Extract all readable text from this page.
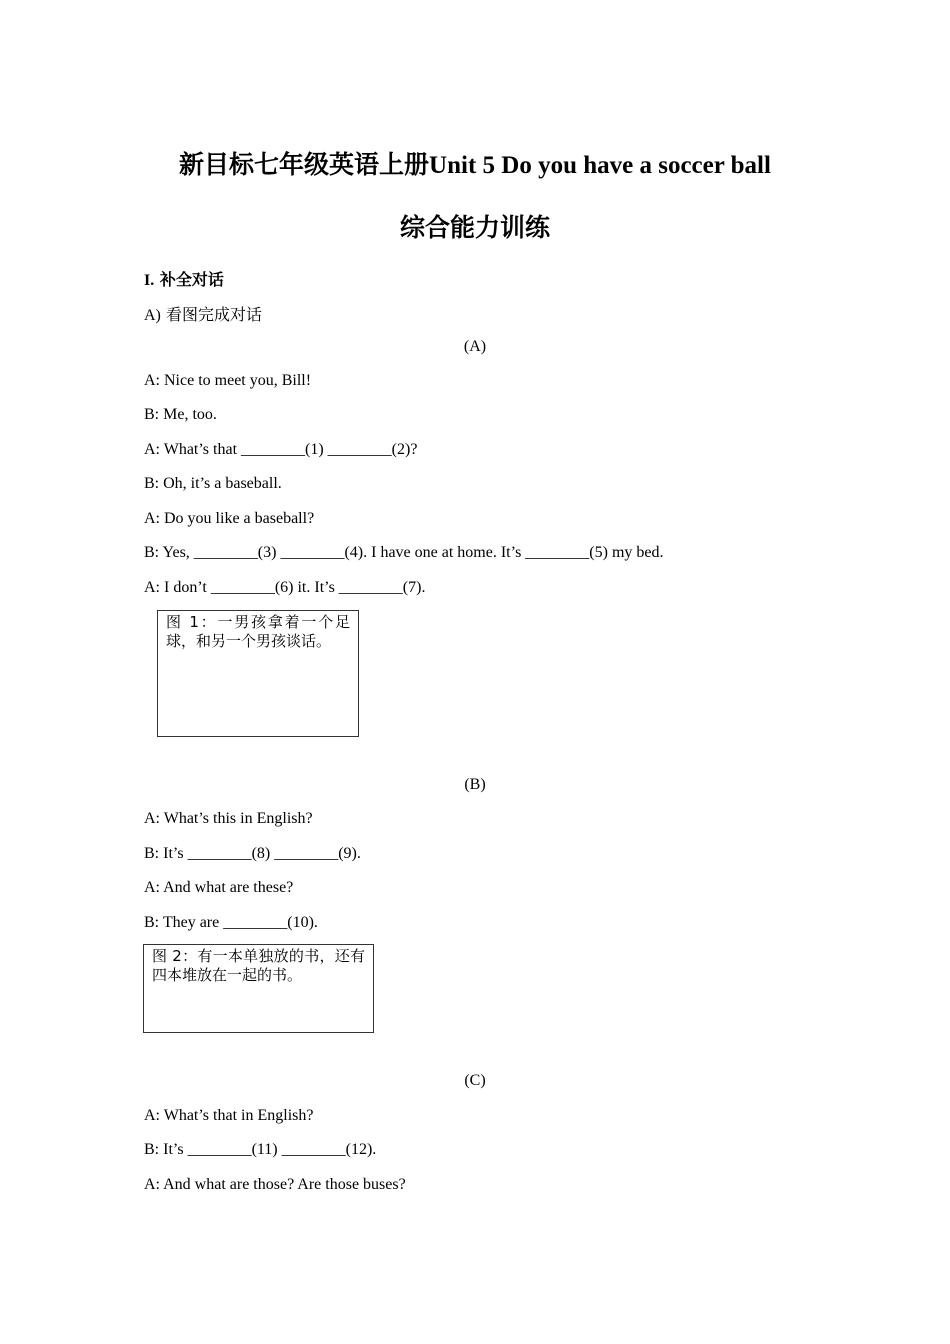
新目标七年级英语上册Unit 5 Do you have a soccer ball
综合能力训练
I. 补全对话
A) 看图完成对话
(A)
A: Nice to meet you, Bill!
B: Me, too.
A: What’s that ________(1) ________(2)?
B: Oh, it’s a baseball.
A: Do you like a baseball?
B: Yes, ________(3) ________(4). I have one at home. It’s ________(5) my bed.
A: I don’t ________(6) it. It’s ________(7).
图 1：一男孩拿着一个足球，和另一个男孩谈话。
(B)
A: What’s this in English?
B: It’s ________(8) ________(9).
A: And what are these?
B: They are ________(10).
图 2：有一本单独放的书，还有四本堆放在一起的书。
(C)
A: What’s that in English?
B: It’s ________(11) ________(12).
A: And what are those? Are those buses?
